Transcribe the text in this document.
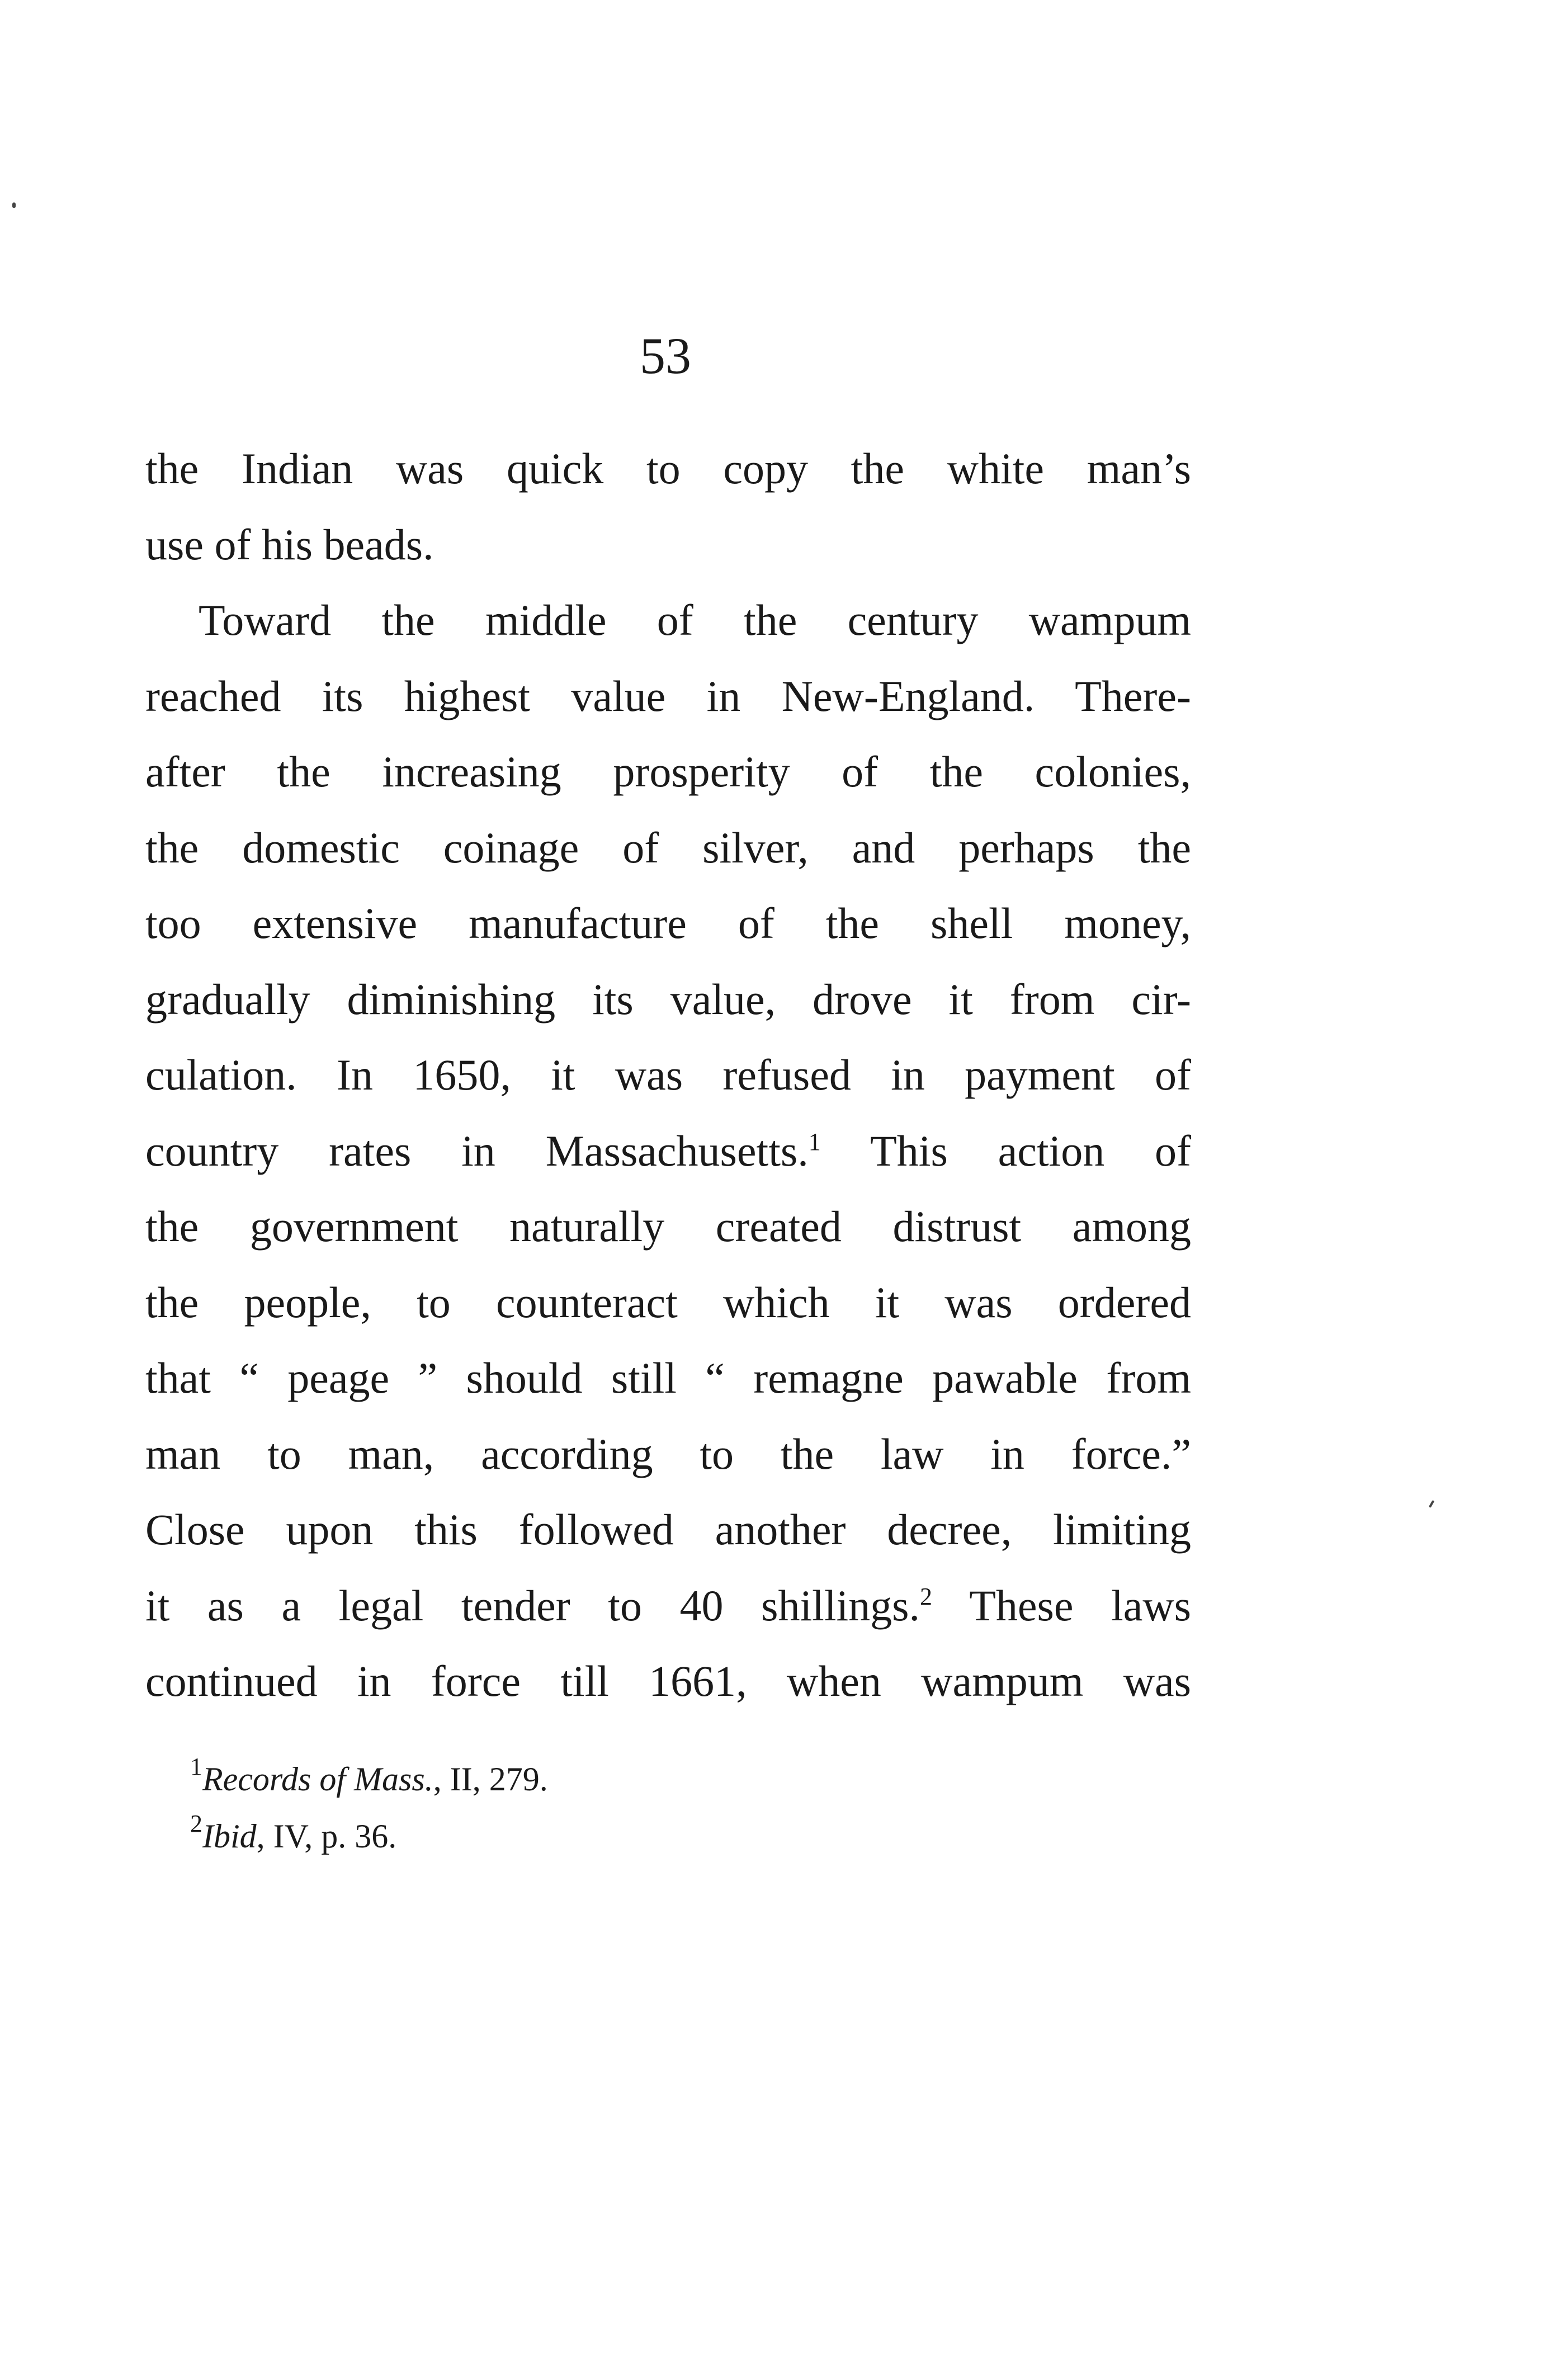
53

the Indian was quick to copy the white man’s
use of his beads.

Toward the middle of the century wampum
reached its highest value in New-England. There-
after the increasing prosperity of the colonies,
the domestic coinage of silver, and perhaps the
too extensive manufacture of the shell money,
gradually diminishing its value, drove it from cir-
culation. In 1650, it was refused in payment of
country rates in Massachusetts.$^1$ This action of
the government naturally created distrust among
the people, to counteract which it was ordered
that “ peage ” should still “ remagne pawable from
man to man, according to the law in force.”
Close upon this followed another decree, limiting
it as a legal tender to 40 shillings.$^2$ These laws
continued in force till 1661, when wampum was

$^1$Records of Mass., II, 279.
$^2$Ibid, IV, p. 36.
